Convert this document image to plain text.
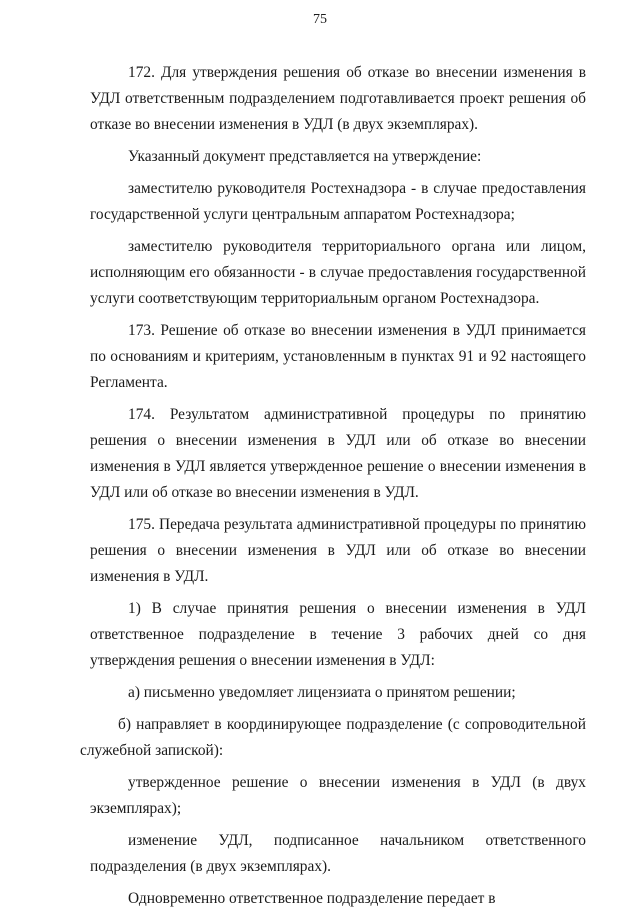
75

172. Для утверждения решения об отказе во внесении изменения в УДЛ ответственным подразделением подготавливается проект решения об отказе во внесении изменения в УДЛ (в двух экземплярах).

Указанный документ представляется на утверждение:

заместителю руководителя Ростехнадзора - в случае предоставления государственной услуги центральным аппаратом Ростехнадзора;

заместителю руководителя территориального органа или лицом, исполняющим его обязанности - в случае предоставления государственной услуги соответствующим территориальным органом Ростехнадзора.

173. Решение об отказе во внесении изменения в УДЛ принимается по основаниям и критериям, установленным в пунктах 91 и 92 настоящего Регламента.

174. Результатом административной процедуры по принятию решения о внесении изменения в УДЛ или об отказе во внесении изменения в УДЛ является утвержденное решение о внесении изменения в УДЛ или об отказе во внесении изменения в УДЛ.

175. Передача результата административной процедуры по принятию решения о внесении изменения в УДЛ или об отказе во внесении изменения в УДЛ.

1) В случае принятия решения о внесении изменения в УДЛ ответственное подразделение в течение 3 рабочих дней со дня утверждения решения о внесении изменения в УДЛ:

а) письменно уведомляет лицензиата о принятом решении;

б) направляет в координирующее подразделение (с сопроводительной служебной запиской):

утвержденное решение о внесении изменения в УДЛ (в двух экземплярах);

изменение УДЛ, подписанное начальником ответственного подразделения (в двух экземплярах).

Одновременно ответственное подразделение передает в
